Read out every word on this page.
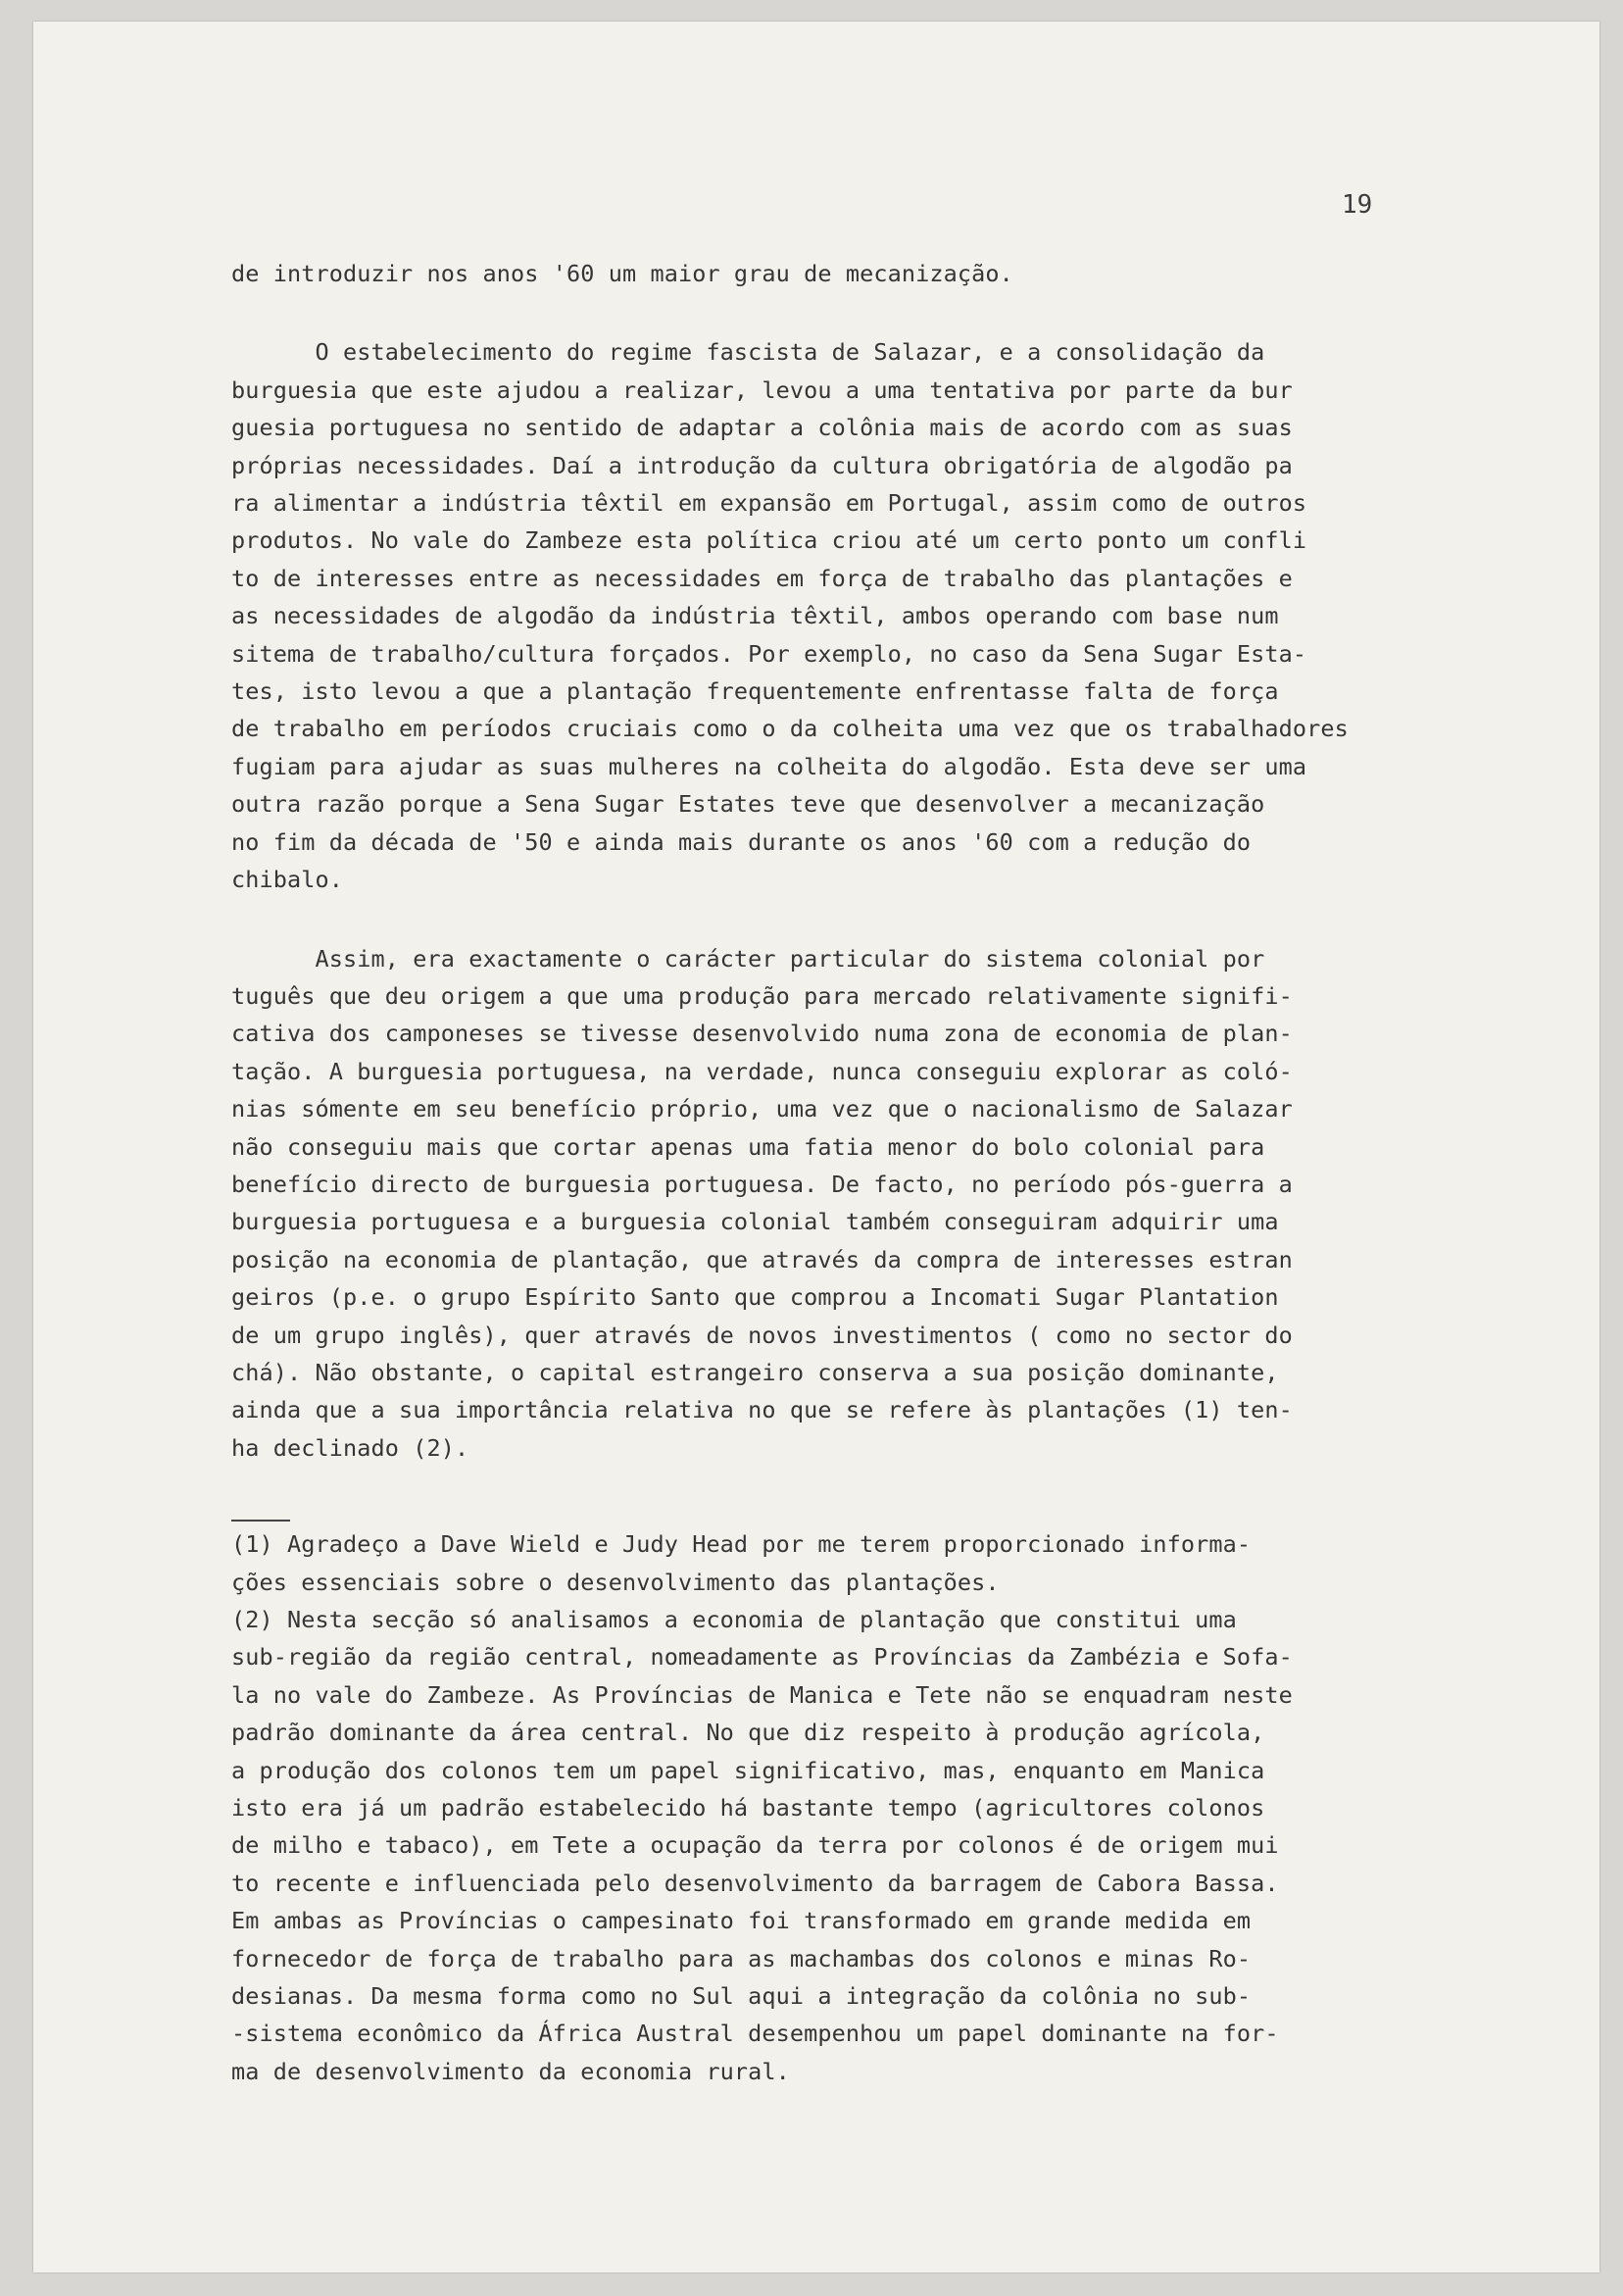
19
de introduzir nos anos '60 um maior grau de mecanização.
O estabelecimento do regime fascista de Salazar, e a consolidação da
burguesia que este ajudou a realizar, levou a uma tentativa por parte da bur
guesia portuguesa no sentido de adaptar a colônia mais de acordo com as suas
próprias necessidades. Daí a introdução da cultura obrigatória de algodão pa
ra alimentar a indústria têxtil em expansão em Portugal, assim como de outros
produtos. No vale do Zambeze esta política criou até um certo ponto um confli
to de interesses entre as necessidades em força de trabalho das plantações e
as necessidades de algodão da indústria têxtil, ambos operando com base num
sitema de trabalho/cultura forçados. Por exemplo, no caso da Sena Sugar Esta-
tes, isto levou a que a plantação frequentemente enfrentasse falta de força
de trabalho em períodos cruciais como o da colheita uma vez que os trabalhadores
fugiam para ajudar as suas mulheres na colheita do algodão. Esta deve ser uma
outra razão porque a Sena Sugar Estates teve que desenvolver a mecanização
no fim da década de '50 e ainda mais durante os anos '60 com a redução do
chibalo.
Assim, era exactamente o carácter particular do sistema colonial por
tuguês que deu origem a que uma produção para mercado relativamente signifi-
cativa dos camponeses se tivesse desenvolvido numa zona de economia de plan-
tação. A burguesia portuguesa, na verdade, nunca conseguiu explorar as coló-
nias sómente em seu benefício próprio, uma vez que o nacionalismo de Salazar
não conseguiu mais que cortar apenas uma fatia menor do bolo colonial para
benefício directo de burguesia portuguesa. De facto, no período pós-guerra a
burguesia portuguesa e a burguesia colonial também conseguiram adquirir uma
posição na economia de plantação, que através da compra de interesses estran
geiros (p.e. o grupo Espírito Santo que comprou a Incomati Sugar Plantation
de um grupo inglês), quer através de novos investimentos ( como no sector do
chá). Não obstante, o capital estrangeiro conserva a sua posição dominante,
ainda que a sua importância relativa no que se refere às plantações (1) ten-
ha declinado (2).
(1) Agradeço a Dave Wield e Judy Head por me terem proporcionado informa-
ções essenciais sobre o desenvolvimento das plantações.
(2) Nesta secção só analisamos a economia de plantação que constitui uma
sub-região da região central, nomeadamente as Províncias da Zambézia e Sofa-
la no vale do Zambeze. As Províncias de Manica e Tete não se enquadram neste
padrão dominante da área central. No que diz respeito à produção agrícola,
a produção dos colonos tem um papel significativo, mas, enquanto em Manica
isto era já um padrão estabelecido há bastante tempo (agricultores colonos
de milho e tabaco), em Tete a ocupação da terra por colonos é de origem mui
to recente e influenciada pelo desenvolvimento da barragem de Cabora Bassa.
Em ambas as Províncias o campesinato foi transformado em grande medida em
fornecedor de força de trabalho para as machambas dos colonos e minas Ro-
desianas. Da mesma forma como no Sul aqui a integração da colônia no sub-
-sistema econômico da África Austral desempenhou um papel dominante na for-
ma de desenvolvimento da economia rural.
